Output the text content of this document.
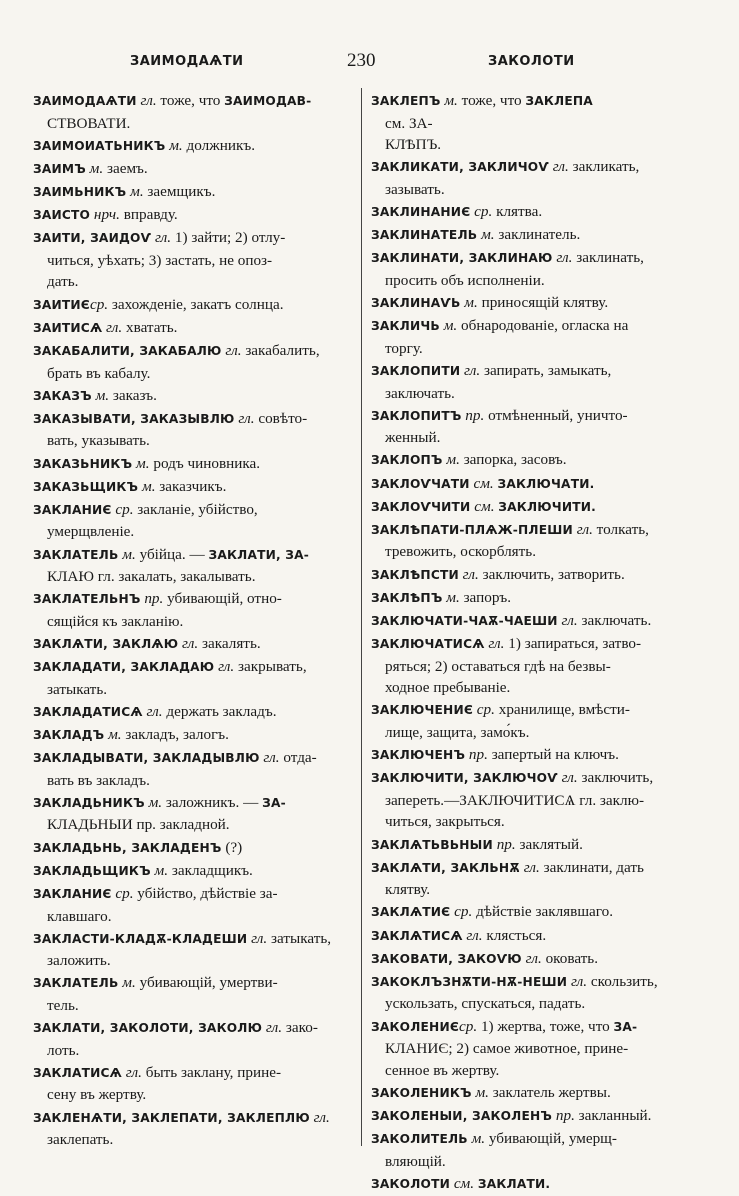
ЗАИМОДАѦТИ	230	ЗАКОЛОТИ
ЗАИМОДАѦТИ гл. тоже, что ЗАИМОДАВ-
СТВОВАТИ.
ЗАИМОИАТЬНИКЪ м. должникъ.
ЗАИМЪ м. заемъ.
ЗАИМЬНИКЪ м. заемщикъ.
ЗАИСТО нрч. вправду.
ЗАИТИ, ЗАИДОѴ гл. 1) зайти; 2) отлу-
читься, уѣхать; 3) застать, не опоз-
дать.
ЗАИТИЄср. захожденіе, закатъ солнца.
ЗАИТИСѦ гл. хватать.
ЗАКАБАЛИТИ, ЗАКАБАЛЮ гл. закабалить,
брать въ кабалу.
ЗАКАЗЪ м. заказъ.
ЗАКАЗЫВАТИ, ЗАКАЗЫВЛЮ гл. совѣто-
вать, указывать.
ЗАКАЗЬНИКЪ м. родъ чиновника.
ЗАКАЗЬЩИКЪ м. заказчикъ.
ЗАКЛАНИЄ ср. закланіе, убійство,
умерщвленіе.
ЗАКЛАТЕЛЬ м. убійца. — ЗАКЛАТИ, ЗА-
КЛАЮ гл. закалать, закалывать.
ЗАКЛАТЕЛЬНЪ пр. убивающій, отно-
сящійся къ закланію.
ЗАКЛѦТИ, ЗАКЛѦЮ гл. закалять.
ЗАКЛАДАТИ, ЗАКЛАДАЮ гл. закрывать,
затыкать.
ЗАКЛАДАТИСѦ гл. держать закладъ.
ЗАКЛАДЪ м. закладъ, залогъ.
ЗАКЛАДЫВАТИ, ЗАКЛАДЫВЛЮ гл. отда-
вать въ закладъ.
ЗАКЛАДЬНИКЪ м. заложникъ. — ЗА-
КЛАДЬНЫИ пр. закладной.
ЗАКЛАДЬНЬ, ЗАКЛАДЕНЪ (?)
ЗАКЛАДЬЩИКЪ м. закладщикъ.
ЗАКЛАНИЄ ср. убійство, дѣйствіе за-
клавшаго.
ЗАКЛАСТИ-КЛАДѪ-КЛАДЕШИ гл. затыкать,
заложить.
ЗАКЛАТЕЛЬ м. убивающій, умертви-
тель.
ЗАКЛАТИ, ЗАКОЛОТИ, ЗАКОЛЮ гл. зако-
лоть.
ЗАКЛАТИСѦ гл. быть заклану, прине-
сену въ жертву.
ЗАКЛЕНѦТИ, ЗАКЛЕПАТИ, ЗАКЛЕПЛЮ гл.
заклепать.
ЗАКЛЕПЪ м. тоже, что ЗАКЛЕПА
см. ЗА-
КЛѢПЪ.
ЗАКЛИКАТИ, ЗАКЛИЧОѴ гл. закликать,
зазывать.
ЗАКЛИНАНИЄ ср. клятва.
ЗАКЛИНАТЕЛЬ м. заклинатель.
ЗАКЛИНАТИ, ЗАКЛИНАЮ гл. заклинать,
просить объ исполненіи.
ЗАКЛИНАѴЬ м. приносящій клятву.
ЗАКЛИЧЬ м. обнародованіе, огласка на
торгу.
ЗАКЛОПИТИ гл. запирать, замыкать,
заключать.
ЗАКЛОПИТЪ пр. отмѣненный, уничто-
женный.
ЗАКЛОПЪ м. запорка, засовъ.
ЗАКЛОѴЧАТИ см. ЗАКЛЮЧАТИ.
ЗАКЛОѴЧИТИ см. ЗАКЛЮЧИТИ.
ЗАКЛѢПАТИ-ПЛѦЖ-ПЛЕШИ гл. толкать,
тревожить, оскорблять.
ЗАКЛѢПСТИ гл. заключить, затворить.
ЗАКЛѢПЪ м. запоръ.
ЗАКЛЮЧАТИ-ЧАѪ-ЧАЕШИ гл. заключать.
ЗАКЛЮЧАТИСѦ гл. 1) запираться, затво-
ряться; 2) оставаться гдѣ на безвы-
ходное пребываніе.
ЗАКЛЮЧЕНИЄ ср. хранилище, вмѣсти-
лище, защита, замо́къ.
ЗАКЛЮЧЕНЪ пр. запертый на ключъ.
ЗАКЛЮЧИТИ, ЗАКЛЮЧОѴ гл. заключить,
запереть.—ЗАКЛЮЧИТИСѦ гл. заклю-
читься, закрыться.
ЗАКЛѦТЬВЬНЫИ пр. заклятый.
ЗАКЛѦТИ, ЗАКЛЬНѪ гл. заклинати, дать
клятву.
ЗАКЛѦТИЄ ср. дѣйствіе заклявшаго.
ЗАКЛѦТИСѦ гл. клясться.
ЗАКОВАТИ, ЗАКОѴЮ гл. оковать.
ЗАКОКЛЪЗНѪТИ-НѪ-НЕШИ гл. скользить,
ускользать, спускаться, падать.
ЗАКОЛЕНИЄср. 1) жертва, тоже, что ЗА-
КЛАНИЄ; 2) самое животное, прине-
сенное въ жертву.
ЗАКОЛЕНИКЪ м. заклатель жертвы.
ЗАКОЛЕНЫИ, ЗАКОЛЕНЪ пр. закланный.
ЗАКОЛИТЕЛЬ м. убивающій, умерщ-
вляющій.
ЗАКОЛОТИ см. ЗАКЛАТИ.
